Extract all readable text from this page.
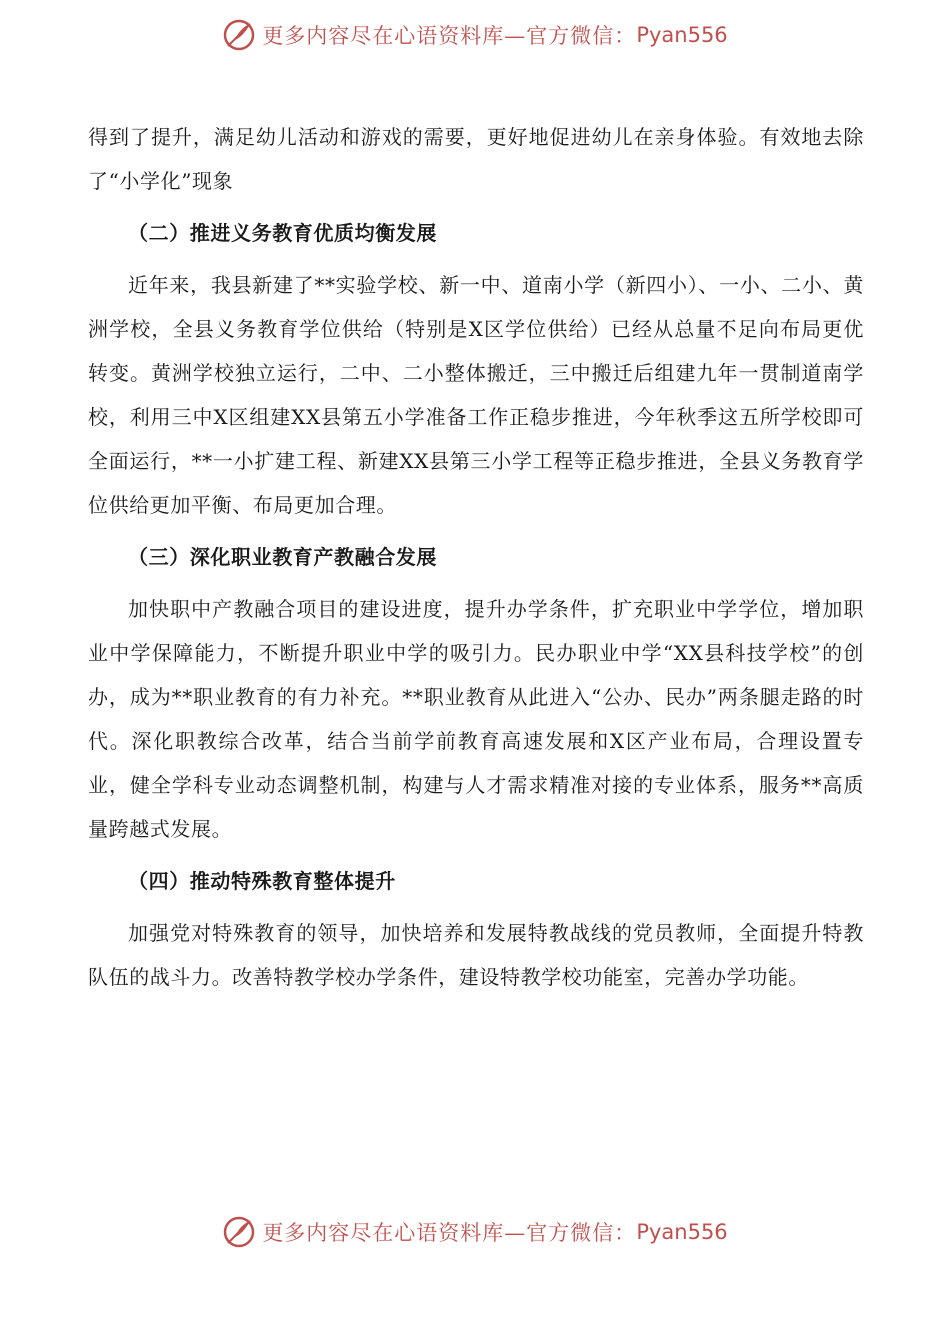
更多内容尽在心语资料库—官方微信： Pyan556

得到了提升，满足幼儿活动和游戏的需要，更好地促进幼儿在亲身体验。有效地去除了“小学化”现象

（二）推进义务教育优质均衡发展

近年来，我县新建了**实验学校、新一中、道南小学（新四小）、一小、二小、黄洲学校，全县义务教育学位供给（特别是X区学位供给）已经从总量不足向布局更优转变。黄洲学校独立运行，二中、二小整体搬迁，三中搬迁后组建九年一贯制道南学校，利用三中X区组建XX县第五小学准备工作正稳步推进，今年秋季这五所学校即可全面运行，**一小扩建工程、新建XX县第三小学工程等正稳步推进，全县义务教育学位供给更加平衡、布局更加合理。

（三）深化职业教育产教融合发展

加快职中产教融合项目的建设进度，提升办学条件，扩充职业中学学位，增加职业中学保障能力，不断提升职业中学的吸引力。民办职业中学“XX县科技学校”的创办，成为**职业教育的有力补充。**职业教育从此进入“公办、民办”两条腿走路的时代。深化职教综合改革，结合当前学前教育高速发展和X区产业布局，合理设置专业，健全学科专业动态调整机制，构建与人才需求精准对接的专业体系，服务**高质量跨越式发展。

（四）推动特殊教育整体提升

加强党对特殊教育的领导，加快培养和发展特教战线的党员教师，全面提升特教队伍的战斗力。改善特教学校办学条件，建设特教学校功能室，完善办学功能。

更多内容尽在心语资料库—官方微信： Pyan556
